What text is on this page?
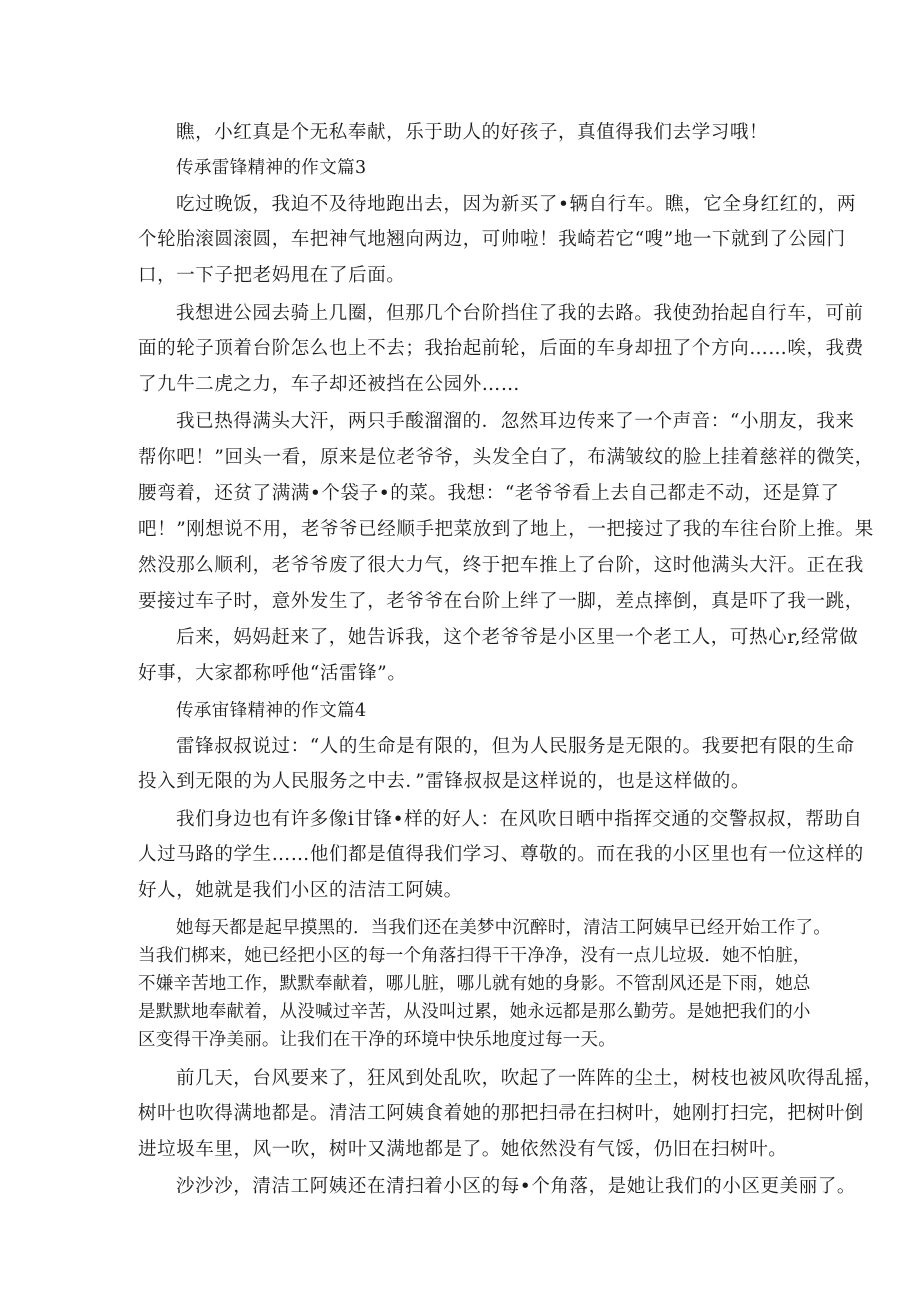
瞧，小红真是个无私奉献，乐于助人的好孩子，真值得我们去学习哦！
传承雷锋精神的作文篇3
吃过晚饭，我迫不及待地跑出去，因为新买了•辆自行车。瞧，它全身红红的，两
个轮胎滚圆滚圆，车把神气地翘向两边，可帅啦！我崎若它“嗖”地一下就到了公园门
口，一下子把老妈甩在了后面。
我想进公园去骑上几圈，但那几个台阶挡住了我的去路。我使劲抬起自行车，可前
面的轮子顶着台阶怎么也上不去；我抬起前轮，后面的车身却扭了个方向……唉，我费
了九牛二虎之力，车子却还被挡在公园外……
我已热得满头大汗，两只手酸溜溜的．忽然耳边传来了一个声音：“小朋友，我来
帮你吧！”回头一看，原来是位老爷爷，头发全白了，布满皱纹的脸上挂着慈祥的微笑，
腰弯着，还贫了满满•个袋子•的菜。我想：“老爷爷看上去自己都走不动，还是算了
吧！”刚想说不用，老爷爷已经顺手把菜放到了地上，一把接过了我的车往台阶上推。果
然没那么顺利，老爷爷废了很大力气，终于把车推上了台阶，这时他满头大汗。正在我
要接过车子时，意外发生了，老爷爷在台阶上绊了一脚，差点摔倒，真是吓了我一跳，
后来，妈妈赶来了，她告诉我，这个老爷爷是小区里一个老工人，可热心r,经常做
好事，大家都称呼他“活雷锋”。
传承宙锋精神的作文篇4
雷锋叔叔说过：“人的生命是有限的，但为人民服务是无限的。我要把有限的生命
投入到无限的为人民服务之中去．”雷锋叔叔是这样说的，也是这样做的。
我们身边也有许多像i甘锋•样的好人：在风吹日晒中指挥交通的交警叔叔，帮助自
人过马路的学生……他们都是值得我们学习、尊敬的。而在我的小区里也有一位这样的
好人，她就是我们小区的洁洁工阿姨。
她每天都是起早摸黑的．当我们还在美梦中沉醉时，清洁工阿姨早已经开始工作了。
当我们梆来，她已经把小区的每一个角落扫得干干净净，没有一点儿垃圾．她不怕脏，
不嫌辛苦地工作，默默奉献着，哪儿脏，哪儿就有她的身影。不管刮风还是下雨，她总
是默默地奉献着，从没喊过辛苦，从没叫过累，她永远都是那么勤劳。是她把我们的小
区变得干净美丽。让我们在干净的环境中快乐地度过每一天。
前几天，台风要来了，狂风到处乱吹，吹起了一阵阵的尘土，树枝也被风吹得乱摇，
树叶也吹得满地都是。清洁工阿姨食着她的那把扫帚在扫树叶，她刚打扫完，把树叶倒
进垃圾车里，风一吹，树叶又满地都是了。她依然没有气馁，仍旧在扫树叶。
沙沙沙，清洁工阿姨还在清扫着小区的每•个角落，是她让我们的小区更美丽了。
